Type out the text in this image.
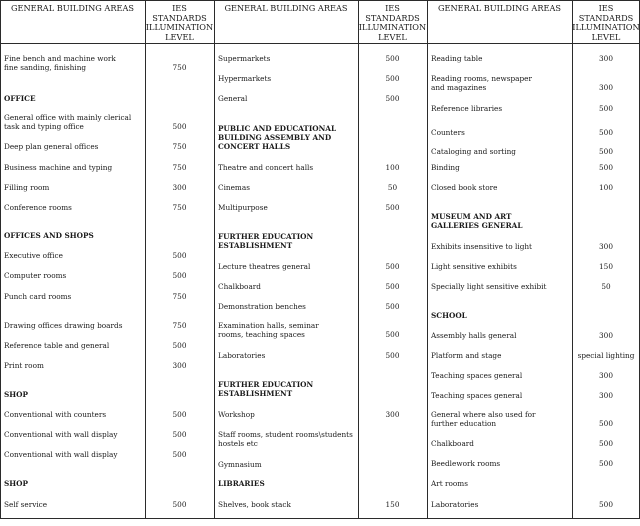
GENERAL BUILDING AREAS	IES STANDARDS
ILLUMINATION
LEVEL
Fine bench and machine work
fine sanding, finishing	750
OFFICE
General office with mainly clerical
task and typing office	500
Deep plan general offices	750
Business machine and typing	750
Filling room	300
Conference rooms	750
OFFICES AND SHOPS
Executive office	500
Computer rooms	500
Punch card rooms	750
Drawing offices drawing boards	750
Reference table and general	500
Print room	300
SHOP
Conventional with counters	500
Conventional with wall display	500
Conventional with wall display	500
SHOP
Self service	500
GENERAL BUILDING AREAS	IES STANDARDS
ILLUMINATION
LEVEL
Supermarkets	500
Hypermarkets	500
General	500
PUBLIC AND EDUCATIONAL
BUILDING ASSEMBLY AND
CONCERT HALLS
Theatre and concert halls	100
Cinemas	50
Multipurpose	500
FURTHER EDUCATION
ESTABLISHMENT
Lecture theatres general	500
Chalkboard	500
Demonstration benches	500
Examination halls, seminar
rooms, teaching spaces	500
Laboratories	500
FURTHER EDUCATION
ESTABLISHMENT
Workshop	300
Staff rooms, student rooms\students
hostels etc
Gymnasium
LIBRARIES
Shelves, book stack	150
GENERAL BUILDING AREAS	IES STANDARDS
ILLUMINATION
LEVEL
Reading table	300
Reading rooms, newspaper
and magazines	300
Reference libraries	500
Counters	500
Cataloging and sorting	500
Binding	500
Closed book store	100
MUSEUM AND ART
GALLERIES GENERAL
Exhibits insensitive to light	300
Light sensitive exhibits	150
Specially light sensitive exhibit	50
SCHOOL
Assembly halls general	300
Platform and stage	special lighting
Teaching spaces general	300
Teaching spaces general	300
General where also used for
further education	500
Chalkboard	500
Beedlework rooms	500
Art rooms
Laboratories	500
